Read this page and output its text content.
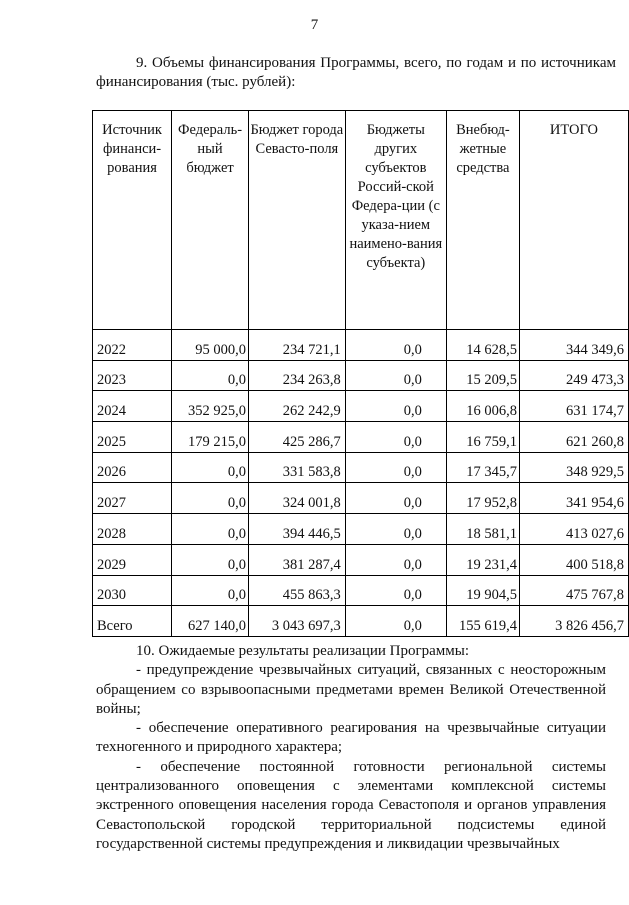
7

9. Объемы финансирования Программы, всего, по годам и по источникам финансирования (тыс. рублей):

Источник финанси-рования	Федераль-ный бюджет	Бюджет города Севасто-поля	Бюджеты других субъектов Россий-ской Федера-ции (с указа-нием наимено-вания субъекта)	Внебюд-жетные средства	ИТОГО
2022	95 000,0	234 721,1	0,0	14 628,5	344 349,6
2023	0,0	234 263,8	0,0	15 209,5	249 473,3
2024	352 925,0	262 242,9	0,0	16 006,8	631 174,7
2025	179 215,0	425 286,7	0,0	16 759,1	621 260,8
2026	0,0	331 583,8	0,0	17 345,7	348 929,5
2027	0,0	324 001,8	0,0	17 952,8	341 954,6
2028	0,0	394 446,5	0,0	18 581,1	413 027,6
2029	0,0	381 287,4	0,0	19 231,4	400 518,8
2030	0,0	455 863,3	0,0	19 904,5	475 767,8
Всего	627 140,0	3 043 697,3	0,0	155 619,4	3 826 456,7

10. Ожидаемые результаты реализации Программы:

- предупреждение чрезвычайных ситуаций, связанных с неосторожным обращением со взрывоопасными предметами времен Великой Отечественной войны;
- обеспечение оперативного реагирования на чрезвычайные ситуации техногенного и природного характера;
- обеспечение постоянной готовности региональной системы централизованного оповещения с элементами комплексной системы экстренного оповещения населения города Севастополя и органов управления Севастопольской городской территориальной подсистемы единой государственной системы предупреждения и ликвидации чрезвычайных
